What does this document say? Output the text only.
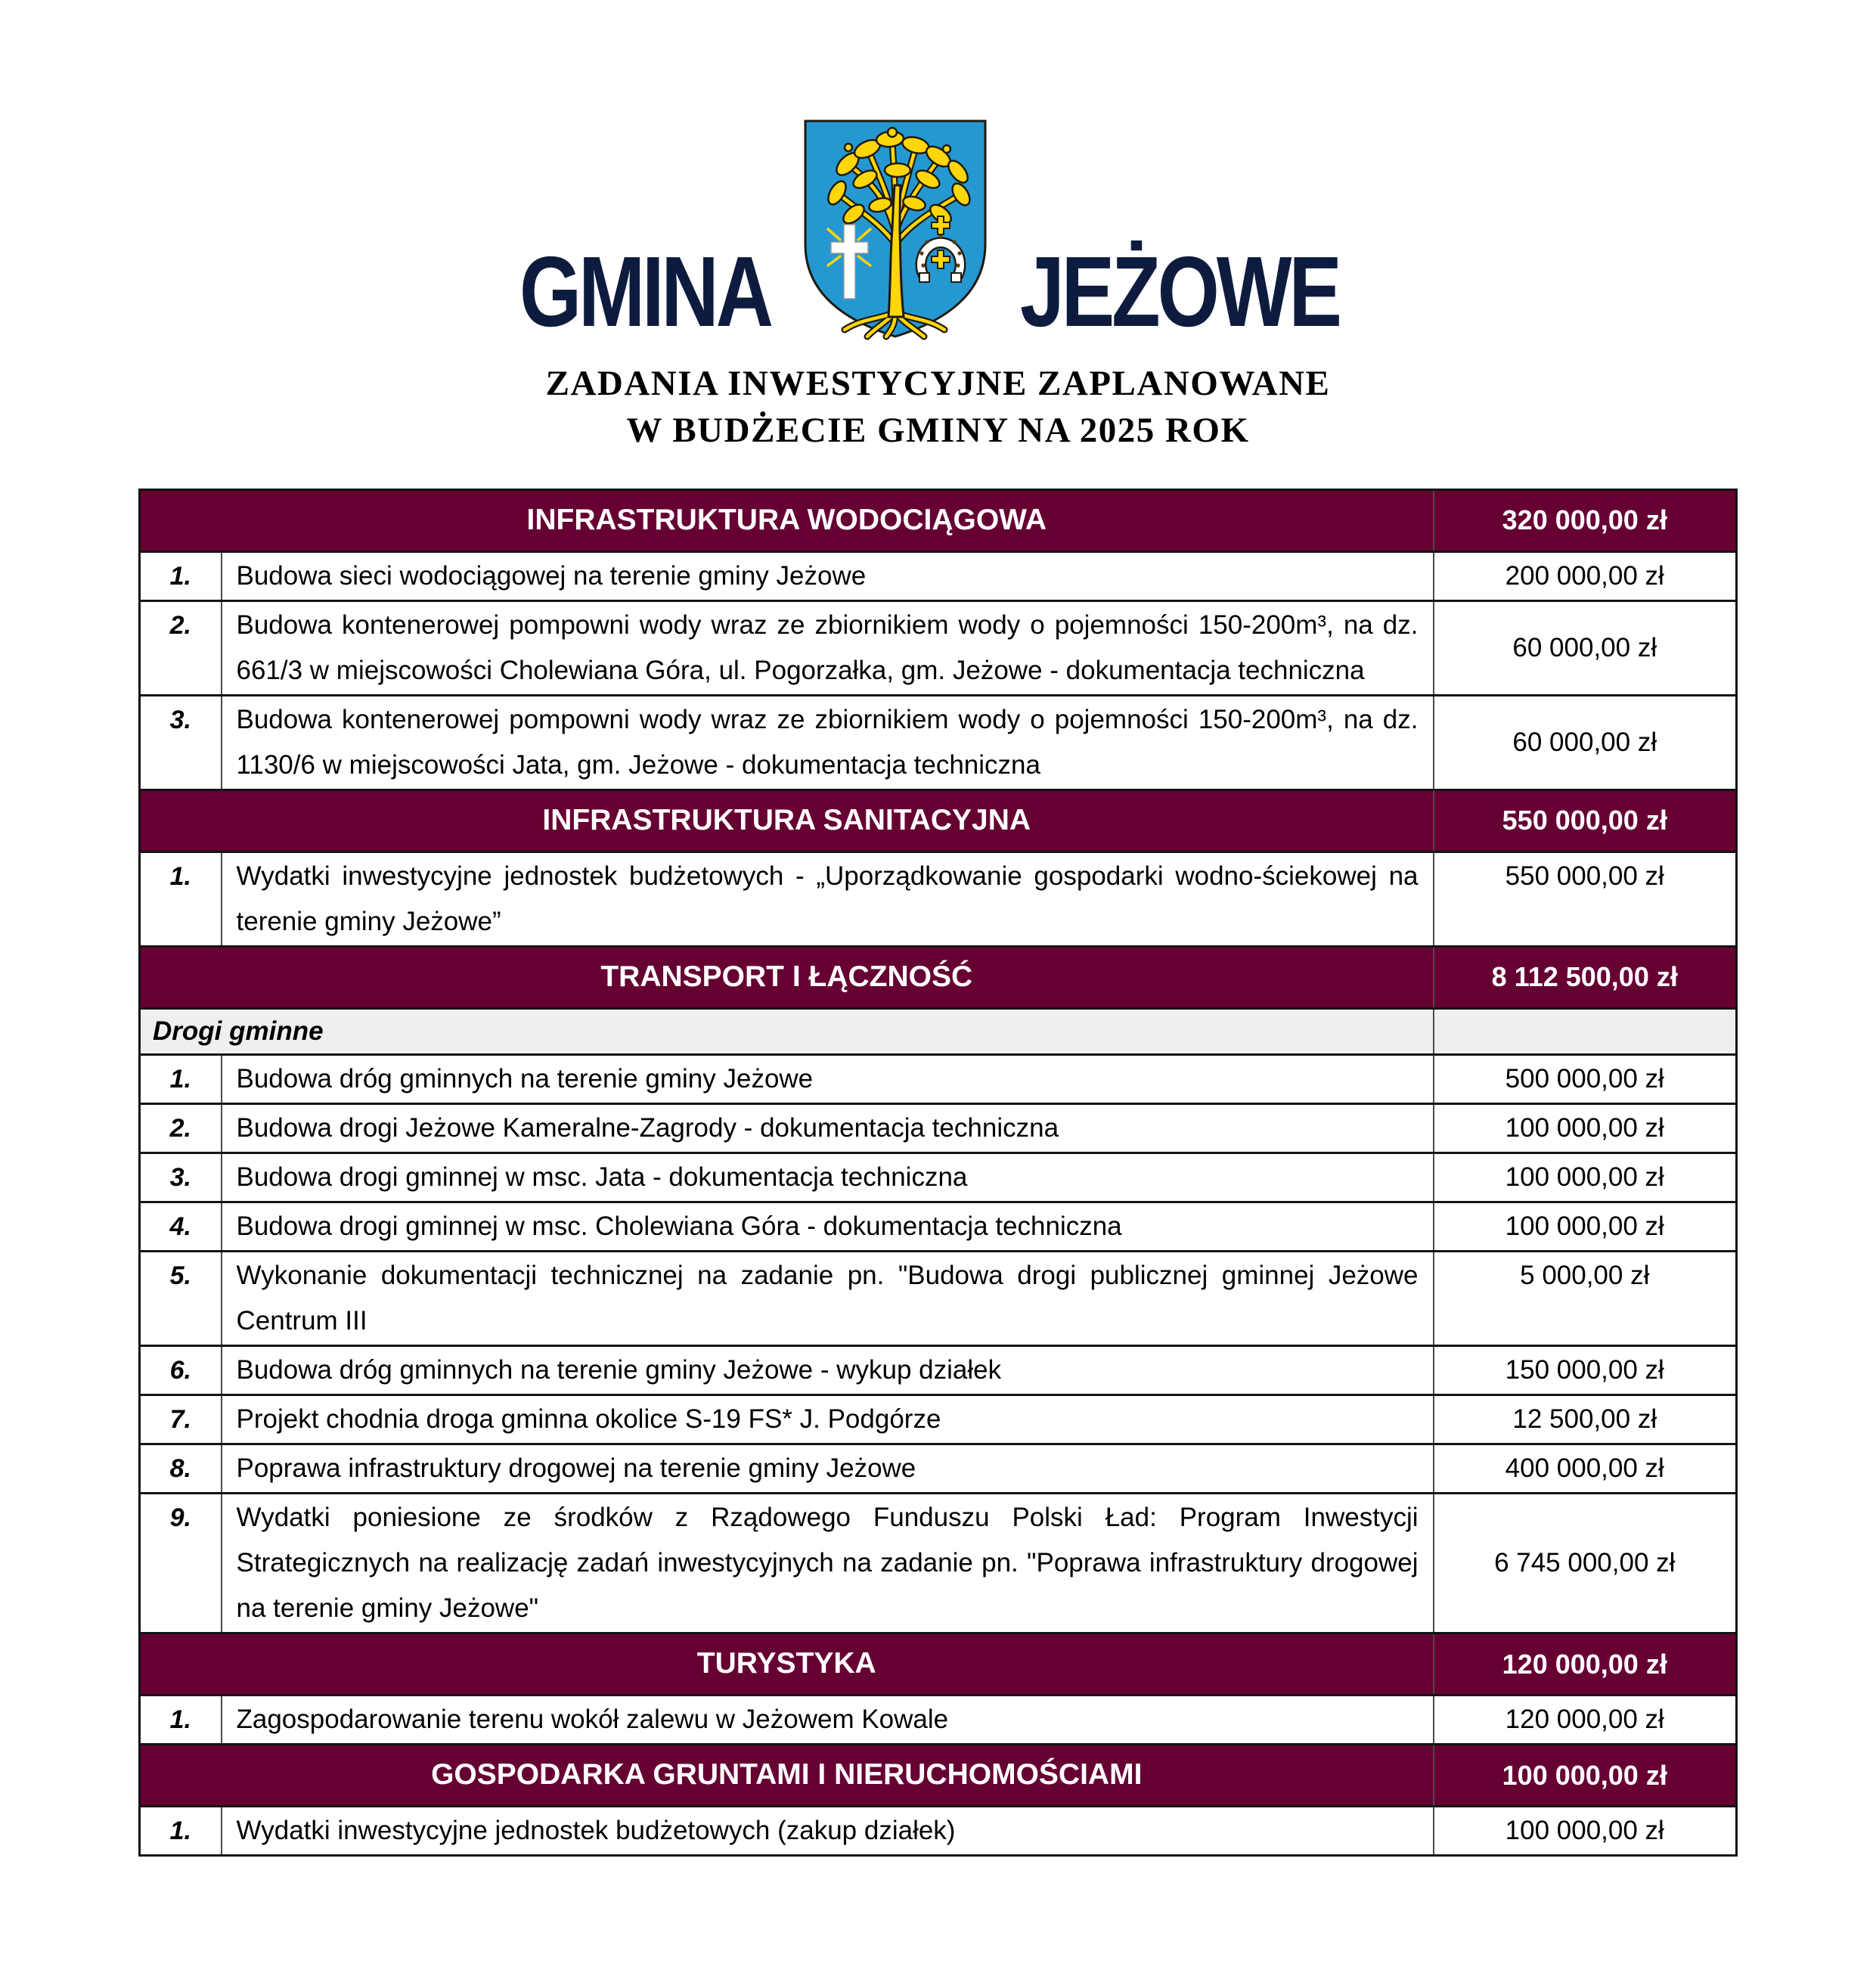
GMINA	JEŻOWE
ZADANIA INWESTYCYJNE ZAPLANOWANE
W BUDŻECIE GMINY NA 2025 ROK
INFRASTRUKTURA WODOCIĄGOWA		320 000,00 zł
1.	Budowa sieci wodociągowej na terenie gminy Jeżowe	200 000,00 zł
2.	Budowa kontenerowej pompowni wody wraz ze zbiornikiem wody o pojemności 150-200m³, na dz. 661/3 w miejscowości Cholewiana Góra, ul. Pogorzałka, gm. Jeżowe - dokumentacja techniczna	60 000,00 zł
3.	Budowa kontenerowej pompowni wody wraz ze zbiornikiem wody o pojemności 150-200m³, na dz. 1130/6 w miejscowości Jata, gm. Jeżowe - dokumentacja techniczna	60 000,00 zł
INFRASTRUKTURA SANITACYJNA		550 000,00 zł
1.	Wydatki inwestycyjne jednostek budżetowych - „Uporządkowanie gospodarki wodno-ściekowej na terenie gminy Jeżowe”	550 000,00 zł
TRANSPORT I ŁĄCZNOŚĆ		8 112 500,00 zł
Drogi gminne		
1.	Budowa dróg gminnych na terenie gminy Jeżowe	500 000,00 zł
2.	Budowa drogi Jeżowe Kameralne-Zagrody - dokumentacja techniczna	100 000,00 zł
3.	Budowa drogi gminnej w msc. Jata - dokumentacja techniczna	100 000,00 zł
4.	Budowa drogi gminnej w msc. Cholewiana Góra - dokumentacja techniczna	100 000,00 zł
5.	Wykonanie dokumentacji technicznej na zadanie pn. "Budowa drogi publicznej gminnej Jeżowe Centrum III	5 000,00 zł
6.	Budowa dróg gminnych na terenie gminy Jeżowe - wykup działek	150 000,00 zł
7.	Projekt chodnia droga gminna okolice S-19 FS* J. Podgórze	12 500,00 zł
8.	Poprawa infrastruktury drogowej na terenie gminy Jeżowe	400 000,00 zł
9.	Wydatki poniesione ze środków z Rządowego Funduszu Polski Ład: Program Inwestycji Strategicznych na realizację zadań inwestycyjnych na zadanie pn. "Poprawa infrastruktury drogowej na terenie gminy Jeżowe"	6 745 000,00 zł
TURYSTYKA		120 000,00 zł
1.	Zagospodarowanie terenu wokół zalewu w Jeżowem Kowale	120 000,00 zł
GOSPODARKA GRUNTAMI I NIERUCHOMOŚCIAMI		100 000,00 zł
1.	Wydatki inwestycyjne jednostek budżetowych (zakup działek)	100 000,00 zł
